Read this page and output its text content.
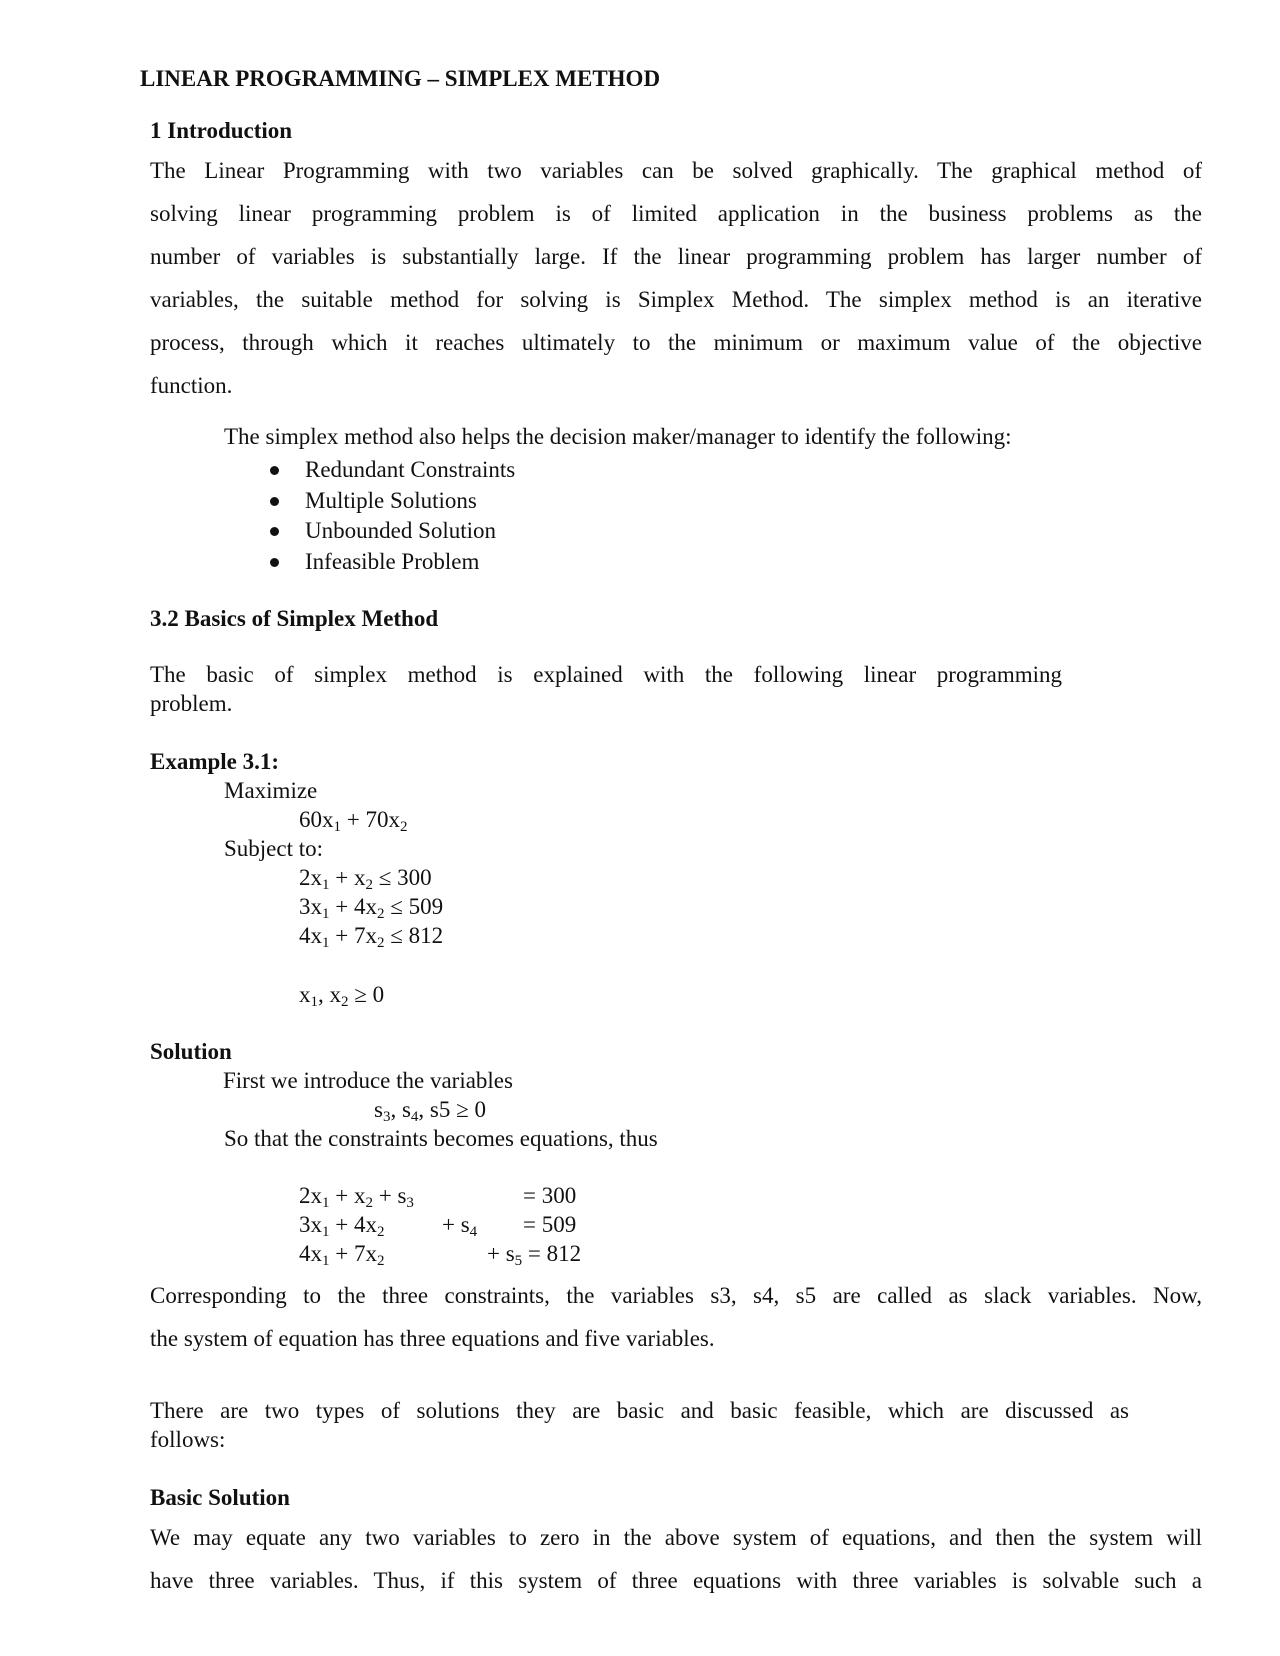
LINEAR PROGRAMMING – SIMPLEX METHOD
1 Introduction
The Linear Programming with two variables can be solved graphically. The graphical method of
solving linear programming problem is of limited application in the business problems as the
number of variables is substantially large. If the linear programming problem has larger number of
variables, the suitable method for solving is Simplex Method. The simplex method is an iterative
process, through which it reaches ultimately to the minimum or maximum value of the objective
function.
The simplex method also helps the decision maker/manager to identify the following:
Redundant Constraints
Multiple Solutions
Unbounded Solution
Infeasible Problem
3.2 Basics of Simplex Method
The basic of simplex method is explained with the following linear programming
problem.
Example 3.1:
Maximize
$60x_1 + 70x_2$
Subject to:
$2x_1 + x_2 \le 300$
$3x_1 + 4x_2 \le 509$
$4x_1 + 7x_2 \le 812$
$x_1$, $x_2 \ge 0$
Solution
First we introduce the variables
$s_3$, $s_4$, s5 ≥ 0
So that the constraints becomes equations, thus
$2x_1 + x_2 + s_3$	= 300
$3x_1 + 4x_2$	+ $s_4 = 509$
$4x_1 + 7x_2$	+ $s_5 = 812$
Corresponding to the three constraints, the variables s3, s4, s5 are called as slack variables. Now,
the system of equation has three equations and five variables.
There are two types of solutions they are basic and basic feasible, which are discussed as
follows:
Basic Solution
We may equate any two variables to zero in the above system of equations, and then the system will
have three variables. Thus, if this system of three equations with three variables is solvable such a
